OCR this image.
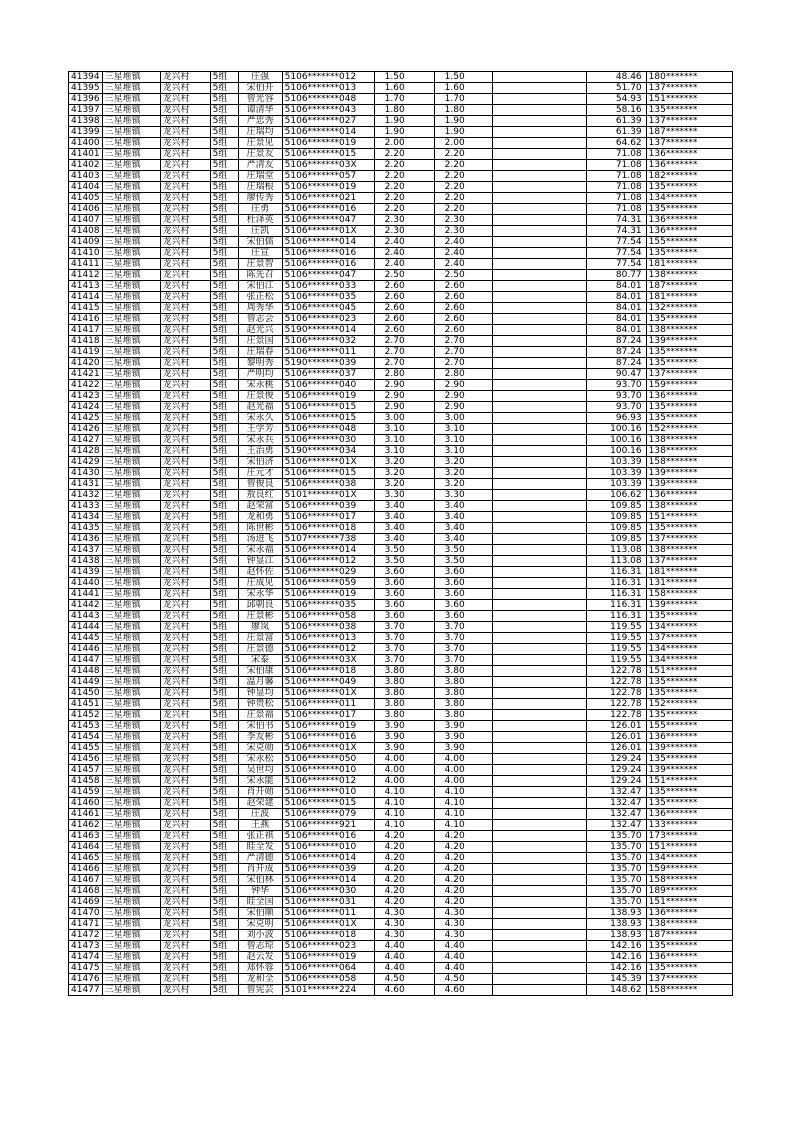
41394	三星堆镇	龙兴村	5组	庄强	5106*******012	1.50	1.50		48.46	180*******
41395	三星堆镇	龙兴村	5组	宋伯开	5106*******013	1.60	1.60		51.70	137*******
41396	三星堆镇	龙兴村	5组	曾光容	5106*******048	1.70	1.70		54.93	151*******
41397	三星堆镇	龙兴村	5组	谭清华	5106*******043	1.80	1.80		58.16	135*******
41398	三星堆镇	龙兴村	5组	严忠秀	5106*******027	1.90	1.90		61.39	137*******
41399	三星堆镇	龙兴村	5组	庄瑞均	5106*******014	1.90	1.90		61.39	187*******
41400	三星堆镇	龙兴村	5组	庄景见	5106*******019	2.00	2.00		64.62	137*******
41401	三星堆镇	龙兴村	5组	庄景友	5106*******015	2.20	2.20		71.08	136*******
41402	三星堆镇	龙兴村	5组	严清友	5106*******03X	2.20	2.20		71.08	136*******
41403	三星堆镇	龙兴村	5组	庄瑞堂	5106*******057	2.20	2.20		71.08	182*******
41404	三星堆镇	龙兴村	5组	庄瑞根	5106*******019	2.20	2.20		71.08	135*******
41405	三星堆镇	龙兴村	5组	廖传秀	5106*******021	2.20	2.20		71.08	134*******
41406	三星堆镇	龙兴村	5组	庄勇	5106*******016	2.20	2.20		71.08	135*******
41407	三星堆镇	龙兴村	5组	杜泽英	5106*******047	2.30	2.30		74.31	136*******
41408	三星堆镇	龙兴村	5组	庄凯	5106*******01X	2.30	2.30		74.31	136*******
41409	三星堆镇	龙兴村	5组	宋伯儒	5106*******014	2.40	2.40		77.54	155*******
41410	三星堆镇	龙兴村	5组	庄宣	5106*******016	2.40	2.40		77.54	135*******
41411	三星堆镇	龙兴村	5组	庄景智	5106*******016	2.40	2.40		77.54	181*******
41412	三星堆镇	龙兴村	5组	陈先召	5106*******047	2.50	2.50		80.77	138*******
41413	三星堆镇	龙兴村	5组	宋伯江	5106*******033	2.60	2.60		84.01	187*******
41414	三星堆镇	龙兴村	5组	张正松	5106*******035	2.60	2.60		84.01	181*******
41415	三星堆镇	龙兴村	5组	周秀华	5106*******045	2.60	2.60		84.01	132*******
41416	三星堆镇	龙兴村	5组	曾志会	5106*******023	2.60	2.60		84.01	135*******
41417	三星堆镇	龙兴村	5组	赵光兴	5190*******014	2.60	2.60		84.01	138*******
41418	三星堆镇	龙兴村	5组	庄景国	5106*******032	2.70	2.70		87.24	139*******
41419	三星堆镇	龙兴村	5组	庄瑞春	5106*******011	2.70	2.70		87.24	135*******
41420	三星堆镇	龙兴村	5组	黎明秀	5190*******039	2.70	2.70		87.24	135*******
41421	三星堆镇	龙兴村	5组	严明均	5106*******037	2.80	2.80		90.47	137*******
41422	三星堆镇	龙兴村	5组	宋永桃	5106*******040	2.90	2.90		93.70	159*******
41423	三星堆镇	龙兴村	5组	庄景俊	5106*******019	2.90	2.90		93.70	136*******
41424	三星堆镇	龙兴村	5组	赵光福	5106*******015	2.90	2.90		93.70	135*******
41425	三星堆镇	龙兴村	5组	宋永久	5106*******015	3.00	3.00		96.93	135*******
41426	三星堆镇	龙兴村	5组	王学芳	5106*******048	3.10	3.10		100.16	152*******
41427	三星堆镇	龙兴村	5组	宋永兵	5106*******030	3.10	3.10		100.16	138*******
41428	三星堆镇	龙兴村	5组	王治勇	5190*******034	3.10	3.10		100.16	138*******
41429	三星堆镇	龙兴村	5组	宋伯济	5106*******01X	3.20	3.20		103.39	158*******
41430	三星堆镇	龙兴村	5组	庄元才	5106*******015	3.20	3.20		103.39	139*******
41431	三星堆镇	龙兴村	5组	曾俊良	5106*******038	3.20	3.20		103.39	139*******
41432	三星堆镇	龙兴村	5组	敖良红	5101*******01X	3.30	3.30		106.62	136*******
41433	三星堆镇	龙兴村	5组	赵荣富	5106*******039	3.40	3.40		109.85	138*******
41434	三星堆镇	龙兴村	5组	龙和勇	5106*******017	3.40	3.40		109.85	151*******
41435	三星堆镇	龙兴村	5组	陈世彬	5106*******018	3.40	3.40		109.85	135*******
41436	三星堆镇	龙兴村	5组	汤进飞	5107*******738	3.40	3.40		109.85	137*******
41437	三星堆镇	龙兴村	5组	宋永福	5106*******014	3.50	3.50		113.08	138*******
41438	三星堆镇	龙兴村	5组	钟显江	5106*******012	3.50	3.50		113.08	137*******
41439	三星堆镇	龙兴村	5组	赵怀佐	5106*******029	3.60	3.60		116.31	181*******
41440	三星堆镇	龙兴村	5组	庄成见	5106*******059	3.60	3.60		116.31	131*******
41441	三星堆镇	龙兴村	5组	宋永华	5106*******019	3.60	3.60		116.31	158*******
41442	三星堆镇	龙兴村	5组	邱朝良	5106*******035	3.60	3.60		116.31	139*******
41443	三星堆镇	龙兴村	5组	庄景彬	5106*******058	3.60	3.60		116.31	135*******
41444	三星堆镇	龙兴村	5组	廖岚	5106*******038	3.70	3.70		119.55	134*******
41445	三星堆镇	龙兴村	5组	庄景富	5106*******013	3.70	3.70		119.55	137*******
41446	三星堆镇	龙兴村	5组	庄景德	5106*******012	3.70	3.70		119.55	134*******
41447	三星堆镇	龙兴村	5组	宋泰	5106*******03X	3.70	3.70		119.55	134*******
41448	三星堆镇	龙兴村	5组	宋伯康	5106*******018	3.80	3.80		122.78	151*******
41449	三星堆镇	龙兴村	5组	温月馨	5106*******049	3.80	3.80		122.78	135*******
41450	三星堆镇	龙兴村	5组	钟显均	5106*******01X	3.80	3.80		122.78	135*******
41451	三星堆镇	龙兴村	5组	钟贵松	5106*******011	3.80	3.80		122.78	152*******
41452	三星堆镇	龙兴村	5组	庄景福	5106*******017	3.80	3.80		122.78	135*******
41453	三星堆镇	龙兴村	5组	宋伯书	5106*******019	3.90	3.90		126.01	155*******
41454	三星堆镇	龙兴村	5组	李友彬	5106*******016	3.90	3.90		126.01	136*******
41455	三星堆镇	龙兴村	5组	宋克勋	5106*******01X	3.90	3.90		126.01	139*******
41456	三星堆镇	龙兴村	5组	宋永松	5106*******050	4.00	4.00		129.24	135*******
41457	三星堆镇	龙兴村	5组	吴世均	5106*******010	4.00	4.00		129.24	139*******
41458	三星堆镇	龙兴村	5组	宋永能	5106*******012	4.00	4.00		129.24	151*******
41459	三星堆镇	龙兴村	5组	肖开勋	5106*******010	4.10	4.10		132.47	135*******
41460	三星堆镇	龙兴村	5组	赵荣建	5106*******015	4.10	4.10		132.47	135*******
41461	三星堆镇	龙兴村	5组	庄波	5106*******079	4.10	4.10		132.47	136*******
41462	三星堆镇	龙兴村	5组	王燕	5106*******921	4.10	4.10		132.47	133*******
41463	三星堆镇	龙兴村	5组	张正祺	5106*******016	4.20	4.20		135.70	173*******
41464	三星堆镇	龙兴村	5组	眭全发	5106*******010	4.20	4.20		135.70	151*******
41465	三星堆镇	龙兴村	5组	严清德	5106*******014	4.20	4.20		135.70	134*******
41466	三星堆镇	龙兴村	5组	肖开成	5106*******039	4.20	4.20		135.70	159*******
41467	三星堆镇	龙兴村	5组	宋伯林	5106*******014	4.20	4.20		135.70	158*******
41468	三星堆镇	龙兴村	5组	钟华	5106*******030	4.20	4.20		135.70	189*******
41469	三星堆镇	龙兴村	5组	眭全国	5106*******031	4.20	4.20		135.70	151*******
41470	三星堆镇	龙兴村	5组	宋伯顺	5106*******011	4.30	4.30		138.93	136*******
41471	三星堆镇	龙兴村	5组	宋克明	5106*******01X	4.30	4.30		138.93	138*******
41472	三星堆镇	龙兴村	5组	刘小波	5106*******018	4.30	4.30		138.93	187*******
41473	三星堆镇	龙兴村	5组	曾志琼	5106*******023	4.40	4.40		142.16	135*******
41474	三星堆镇	龙兴村	5组	赵云发	5106*******019	4.40	4.40		142.16	136*******
41475	三星堆镇	龙兴村	5组	郑怀蓉	5106*******064	4.40	4.40		142.16	135*******
41476	三星堆镇	龙兴村	5组	龙和全	5106*******058	4.50	4.50		145.39	137*******
41477	三星堆镇	龙兴村	5组	曾宪芸	5101*******224	4.60	4.60		148.62	158*******
